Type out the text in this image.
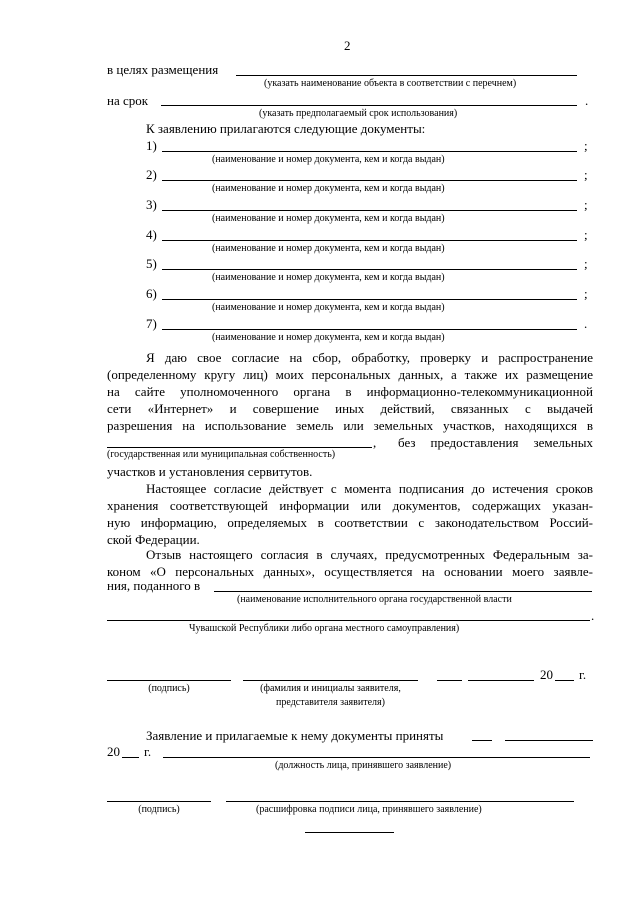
2
в целях размещения
(указать наименование объекта в соответствии с перечнем)
на срок	.
(указать предполагаемый срок использования)
К заявлению прилагаются следующие документы:
1)	;
(наименование и номер документа, кем и когда выдан)
2)	;
(наименование и номер документа, кем и когда выдан)
3)	;
(наименование и номер документа, кем и когда выдан)
4)	;
(наименование и номер документа, кем и когда выдан)
5)	;
(наименование и номер документа, кем и когда выдан)
6)	;
(наименование и номер документа, кем и когда выдан)
7)	.
(наименование и номер документа, кем и когда выдан)
Я даю свое согласие на сбор, обработку, проверку и распространение
(определенному кругу лиц) моих персональных данных, а также их размещение
на сайте уполномоченного органа в информационно-телекоммуникационной
сети «Интернет» и совершение иных действий, связанных с выдачей
разрешения на использование земель или земельных участков, находящихся в
, без предоставления земельных
(государственная или муниципальная собственность)
участков и установления сервитутов.
Настоящее согласие действует с момента подписания до истечения сроков
хранения соответствующей информации или документов, содержащих указан-
ную информацию, определяемых в соответствии с законодательством Россий-
ской Федерации.
Отзыв настоящего согласия в случаях, предусмотренных Федеральным за-
коном «О персональных данных», осуществляется на основании моего заявле-
ния, поданного в
(наименование исполнительного органа государственной власти
.
Чувашской Республики либо органа местного самоуправления)
(подпись)	(фамилия и инициалы заявителя,
представителя заявителя)
20 г.
Заявление и прилагаемые к нему документы приняты
20 г.
(должность лица, принявшего заявление)
(подпись)	(расшифровка подписи лица, принявшего заявление)
